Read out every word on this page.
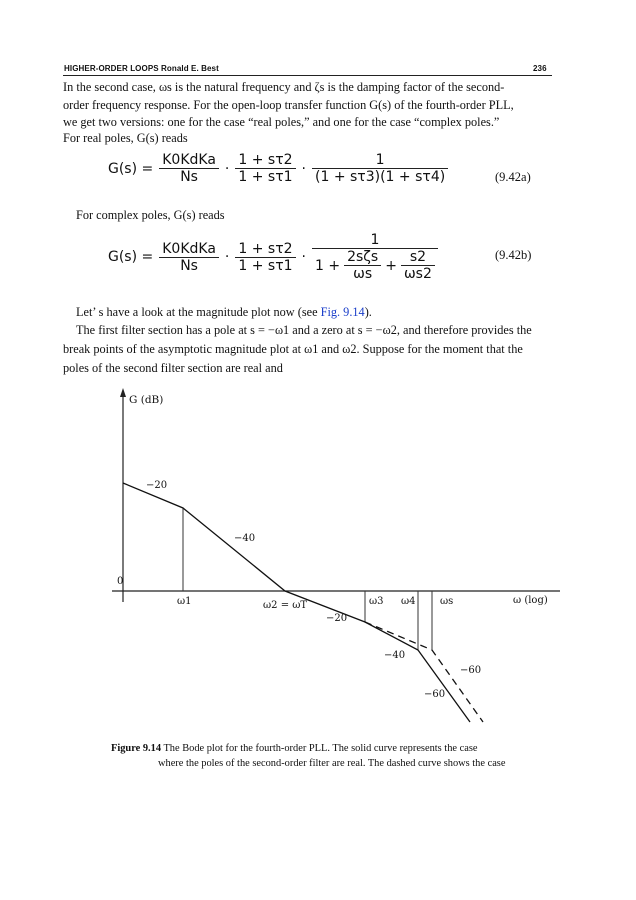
HIGHER-ORDER LOOPS Ronald E. Best	236
In the second case, ωs is the natural frequency and ζs is the damping factor of the second-
order frequency response. For the open-loop transfer function G(s) of the fourth-order PLL,
we get two versions: one for the case “real poles,” and one for the case “complex poles.”
For real poles, G(s) reads
$G(s) = \frac{\text{K0KdKa}}{Ns} \cdot \frac{1 + s\tau 2}{1 + s\tau 1} \cdot \frac{1}{(1 + s\tau 3)(1 + s\tau 4)}$	(9.42a)
For complex poles, G(s) reads
$G(s) = \frac{\text{K0KdKa}}{Ns} \cdot \frac{1 + s\tau 2}{1 + s\tau 1}$ ·
1
$1 + \frac{\text{2sζs}}{\omega s} + \frac{s2}{\omega s2}$	(9.42b)
Let’ s have a look at the magnitude plot now (see Fig. 9.14).
The first filter section has a pole at s = −ω1 and a zero at s = −ω2, and therefore provides the
break points of the asymptotic magnitude plot at ω1 and ω2. Suppose for the moment that the
poles of the second filter section are real and
G (dB)
0
ω (log)
−20
−40
−20
−40
−60
−60
ω1	ω2 = ωT	ω3 ω4 ωs
Figure 9.14 The Bode plot for the fourth-order PLL. The solid curve represents the case
where the poles of the second-order filter are real. The dashed curve shows the case
